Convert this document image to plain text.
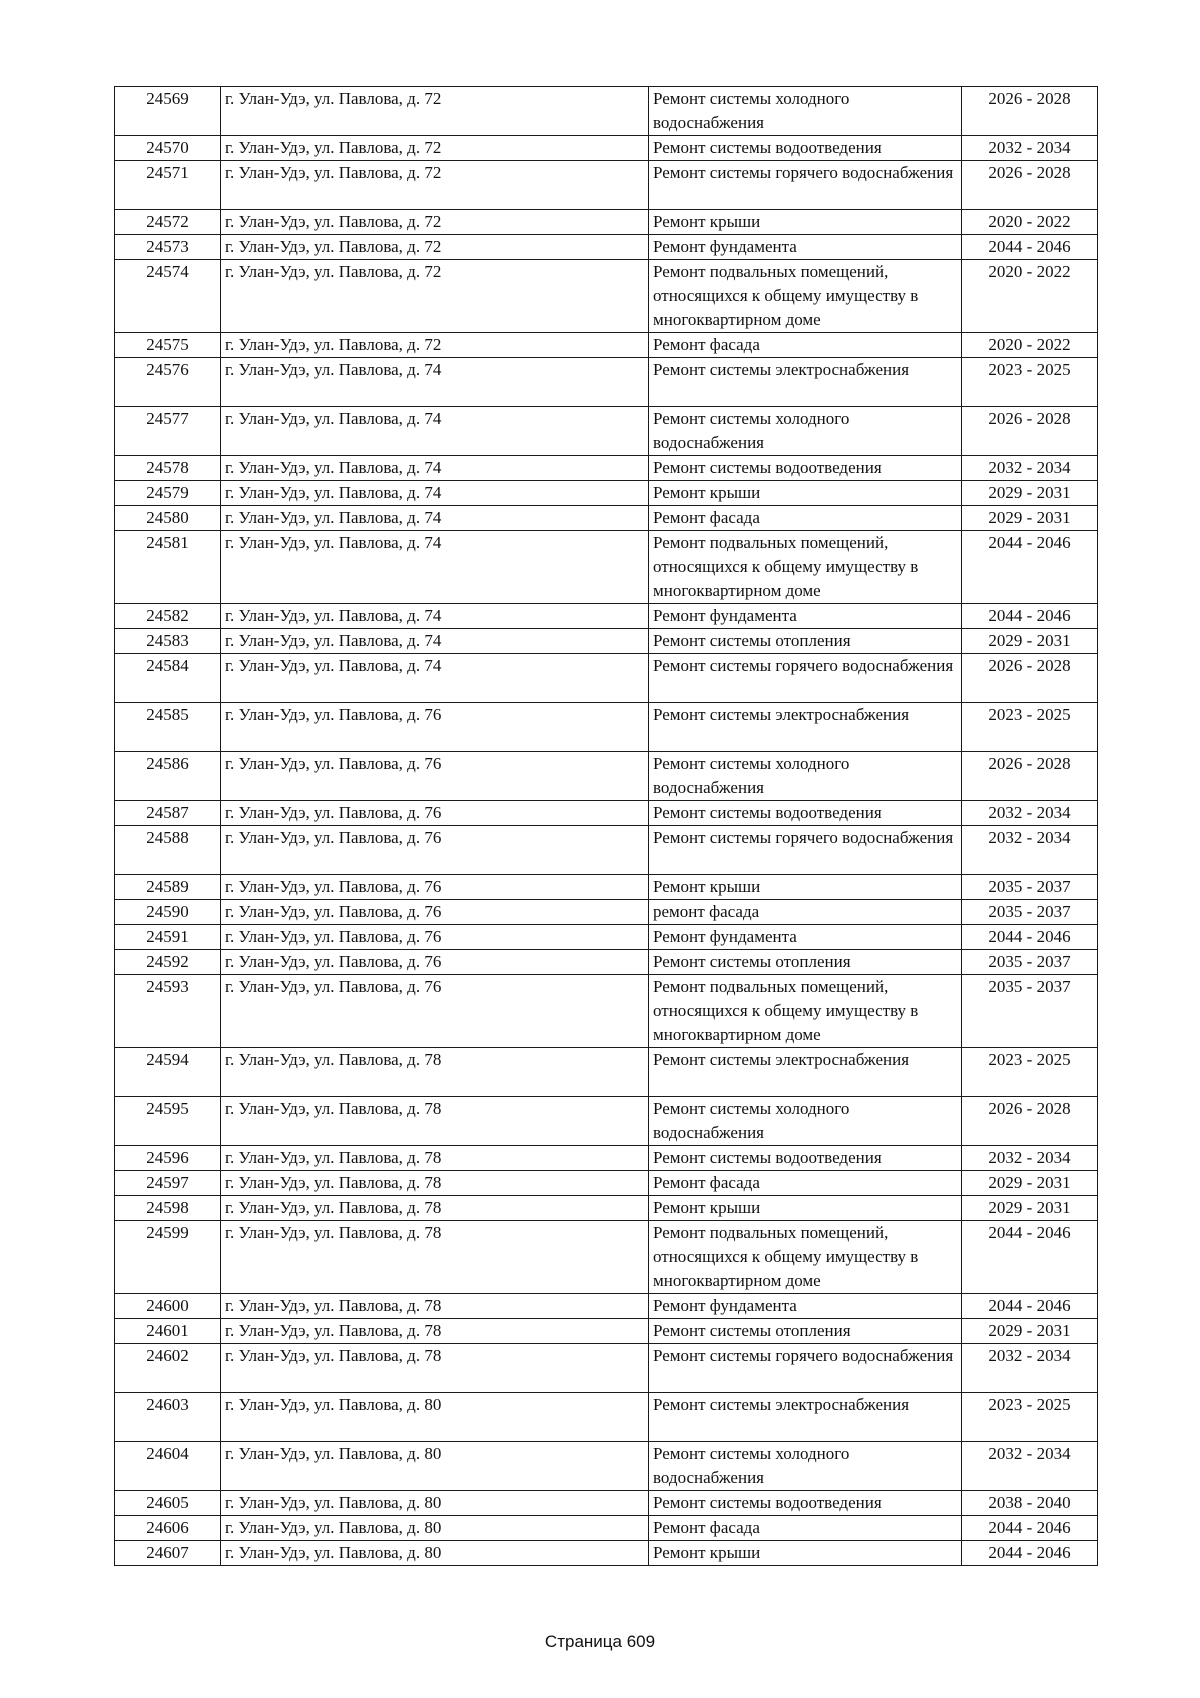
24569	г. Улан-Удэ, ул. Павлова, д. 72	Ремонт системы холодного водоснабжения	2026 - 2028
24570	г. Улан-Удэ, ул. Павлова, д. 72	Ремонт системы водоотведения	2032 - 2034
24571	г. Улан-Удэ, ул. Павлова, д. 72	Ремонт системы горячего водоснабжения	2026 - 2028
24572	г. Улан-Удэ, ул. Павлова, д. 72	Ремонт крыши	2020 - 2022
24573	г. Улан-Удэ, ул. Павлова, д. 72	Ремонт фундамента	2044 - 2046
24574	г. Улан-Удэ, ул. Павлова, д. 72	Ремонт подвальных помещений, относящихся к общему имуществу в многоквартирном доме	2020 - 2022
24575	г. Улан-Удэ, ул. Павлова, д. 72	Ремонт фасада	2020 - 2022
24576	г. Улан-Удэ, ул. Павлова, д. 74	Ремонт системы электроснабжения	2023 - 2025
24577	г. Улан-Удэ, ул. Павлова, д. 74	Ремонт системы холодного водоснабжения	2026 - 2028
24578	г. Улан-Удэ, ул. Павлова, д. 74	Ремонт системы водоотведения	2032 - 2034
24579	г. Улан-Удэ, ул. Павлова, д. 74	Ремонт крыши	2029 - 2031
24580	г. Улан-Удэ, ул. Павлова, д. 74	Ремонт фасада	2029 - 2031
24581	г. Улан-Удэ, ул. Павлова, д. 74	Ремонт подвальных помещений, относящихся к общему имуществу в многоквартирном доме	2044 - 2046
24582	г. Улан-Удэ, ул. Павлова, д. 74	Ремонт фундамента	2044 - 2046
24583	г. Улан-Удэ, ул. Павлова, д. 74	Ремонт системы отопления	2029 - 2031
24584	г. Улан-Удэ, ул. Павлова, д. 74	Ремонт системы горячего водоснабжения	2026 - 2028
24585	г. Улан-Удэ, ул. Павлова, д. 76	Ремонт системы электроснабжения	2023 - 2025
24586	г. Улан-Удэ, ул. Павлова, д. 76	Ремонт системы холодного водоснабжения	2026 - 2028
24587	г. Улан-Удэ, ул. Павлова, д. 76	Ремонт системы водоотведения	2032 - 2034
24588	г. Улан-Удэ, ул. Павлова, д. 76	Ремонт системы горячего водоснабжения	2032 - 2034
24589	г. Улан-Удэ, ул. Павлова, д. 76	Ремонт крыши	2035 - 2037
24590	г. Улан-Удэ, ул. Павлова, д. 76	ремонт фасада	2035 - 2037
24591	г. Улан-Удэ, ул. Павлова, д. 76	Ремонт фундамента	2044 - 2046
24592	г. Улан-Удэ, ул. Павлова, д. 76	Ремонт системы отопления	2035 - 2037
24593	г. Улан-Удэ, ул. Павлова, д. 76	Ремонт подвальных помещений, относящихся к общему имуществу в многоквартирном доме	2035 - 2037
24594	г. Улан-Удэ, ул. Павлова, д. 78	Ремонт системы электроснабжения	2023 - 2025
24595	г. Улан-Удэ, ул. Павлова, д. 78	Ремонт системы холодного водоснабжения	2026 - 2028
24596	г. Улан-Удэ, ул. Павлова, д. 78	Ремонт системы водоотведения	2032 - 2034
24597	г. Улан-Удэ, ул. Павлова, д. 78	Ремонт фасада	2029 - 2031
24598	г. Улан-Удэ, ул. Павлова, д. 78	Ремонт крыши	2029 - 2031
24599	г. Улан-Удэ, ул. Павлова, д. 78	Ремонт подвальных помещений, относящихся к общему имуществу в многоквартирном доме	2044 - 2046
24600	г. Улан-Удэ, ул. Павлова, д. 78	Ремонт фундамента	2044 - 2046
24601	г. Улан-Удэ, ул. Павлова, д. 78	Ремонт системы отопления	2029 - 2031
24602	г. Улан-Удэ, ул. Павлова, д. 78	Ремонт системы горячего водоснабжения	2032 - 2034
24603	г. Улан-Удэ, ул. Павлова, д. 80	Ремонт системы электроснабжения	2023 - 2025
24604	г. Улан-Удэ, ул. Павлова, д. 80	Ремонт системы холодного водоснабжения	2032 - 2034
24605	г. Улан-Удэ, ул. Павлова, д. 80	Ремонт системы водоотведения	2038 - 2040
24606	г. Улан-Удэ, ул. Павлова, д. 80	Ремонт фасада	2044 - 2046
24607	г. Улан-Удэ, ул. Павлова, д. 80	Ремонт крыши	2044 - 2046
Страница 609
